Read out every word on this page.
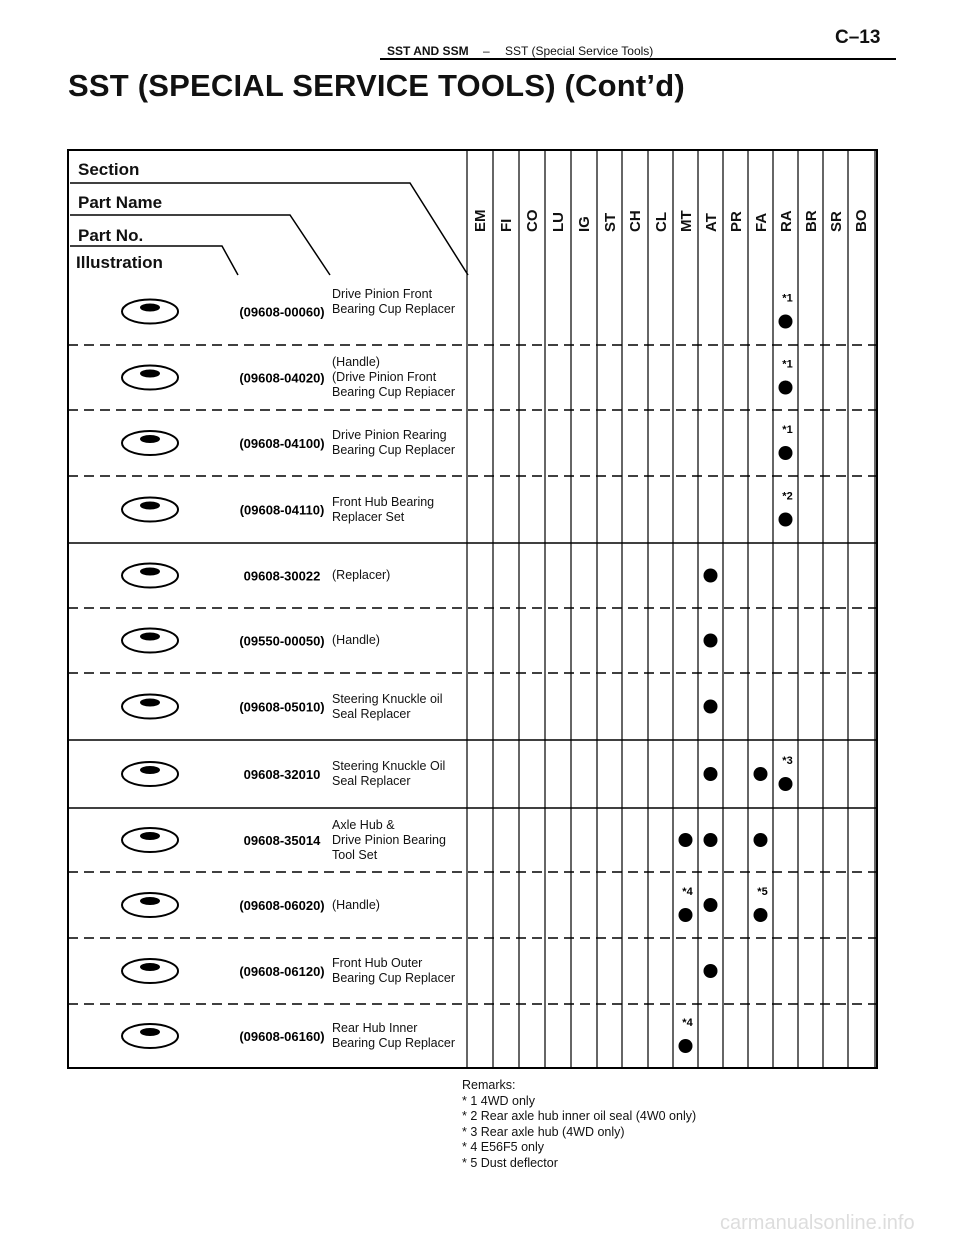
SST AND SSM – SST (Special Service Tools)
C–13
SST (SPECIAL SERVICE TOOLS) (Cont’d)
(09608-00060)
*1
(09608-04020)
*1
(09608-04100)
*1
(09608-04110)
*2
09608-30022
(09550-00050)
(09608-05010)
09608-32010
*3
09608-35014
(09608-06020)
*4	*5
(09608-06120)
(09608-06160)
*4
Section
Part Name
Part No.
Illustration
EM FI CO LU IG ST CH CL MT AT PR FA RA BR SR BO
Drive Pinion Front
Bearing Cup Replacer
(Handle)
(Drive Pinion Front
Bearing Cup Repiacer
Drive Pinion Rearing
Bearing Cup Replacer
Front Hub Bearing
Replacer Set
(Replacer)
(Handle)
Steering Knuckle oil
Seal Replacer
Steering Knuckle Oil
Seal Replacer
Axle Hub &
Drive Pinion Bearing
Tool Set
(Handle)
Front Hub Outer
Bearing Cup Replacer
Rear Hub Inner
Bearing Cup Replacer
Remarks:
* 1 4WD only
* 2 Rear axle hub inner oil seal (4W0 only)
* 3 Rear axle hub (4WD only)
* 4 E56F5 only
* 5 Dust deflector
carmanualsonline.info
